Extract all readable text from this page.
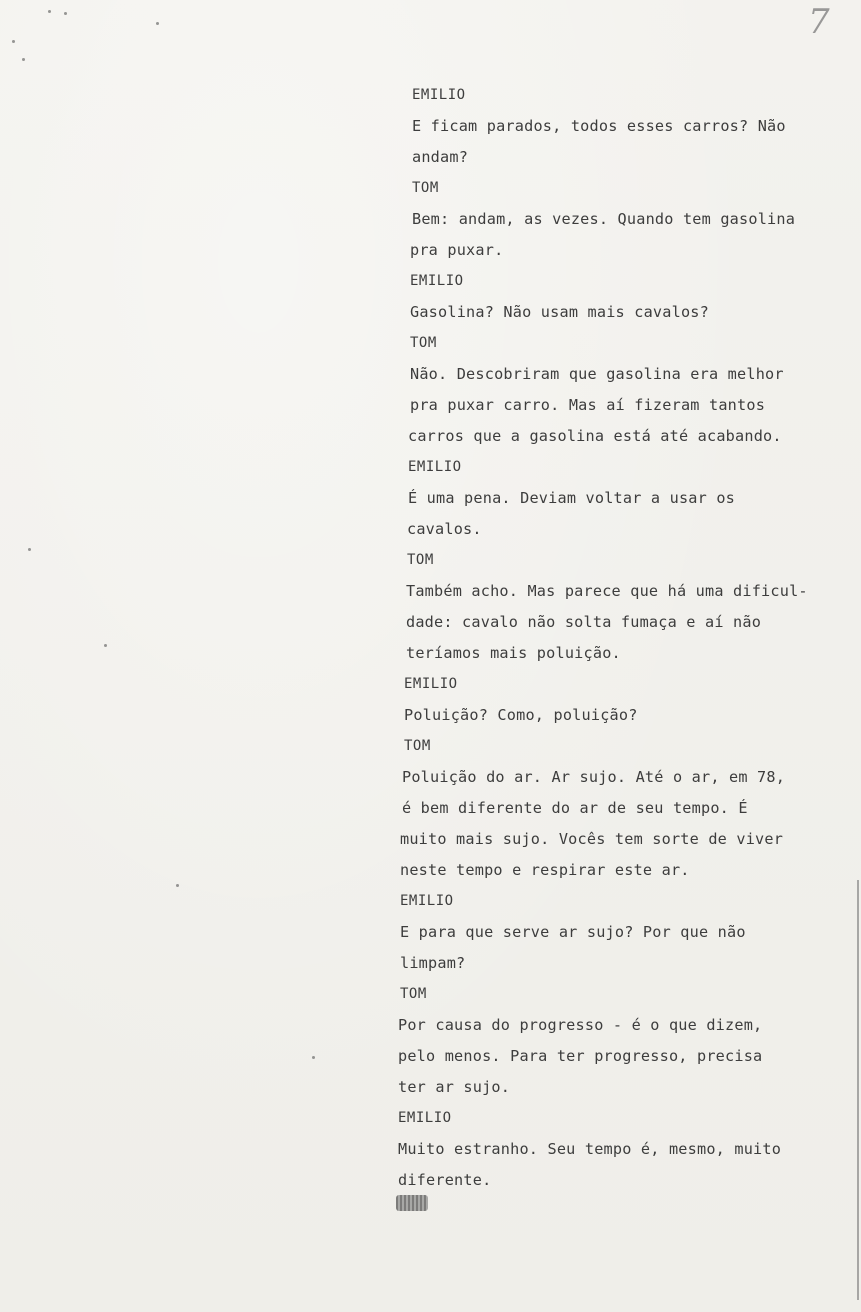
7
EMILIO
E ficam parados, todos esses carros? Não
andam?
TOM
Bem: andam, as vezes. Quando tem gasolina
pra puxar.
EMILIO
Gasolina? Não usam mais cavalos?
TOM
Não. Descobriram que gasolina era melhor
pra puxar carro. Mas aí fizeram tantos
carros que a gasolina está até acabando.
EMILIO
É uma pena. Deviam voltar a usar os
cavalos.
TOM
Também acho. Mas parece que há uma dificul-
dade: cavalo não solta fumaça e aí não
teríamos mais poluição.
EMILIO
Poluição? Como, poluição?
TOM
Poluição do ar. Ar sujo. Até o ar, em 78,
é bem diferente do ar de seu tempo. É
muito mais sujo. Vocês tem sorte de viver
neste tempo e respirar este ar.
EMILIO
E para que serve ar sujo? Por que não
limpam?
TOM
Por causa do progresso - é o que dizem,
pelo menos. Para ter progresso, precisa
ter ar sujo.
EMILIO
Muito estranho. Seu tempo é, mesmo, muito
diferente.
